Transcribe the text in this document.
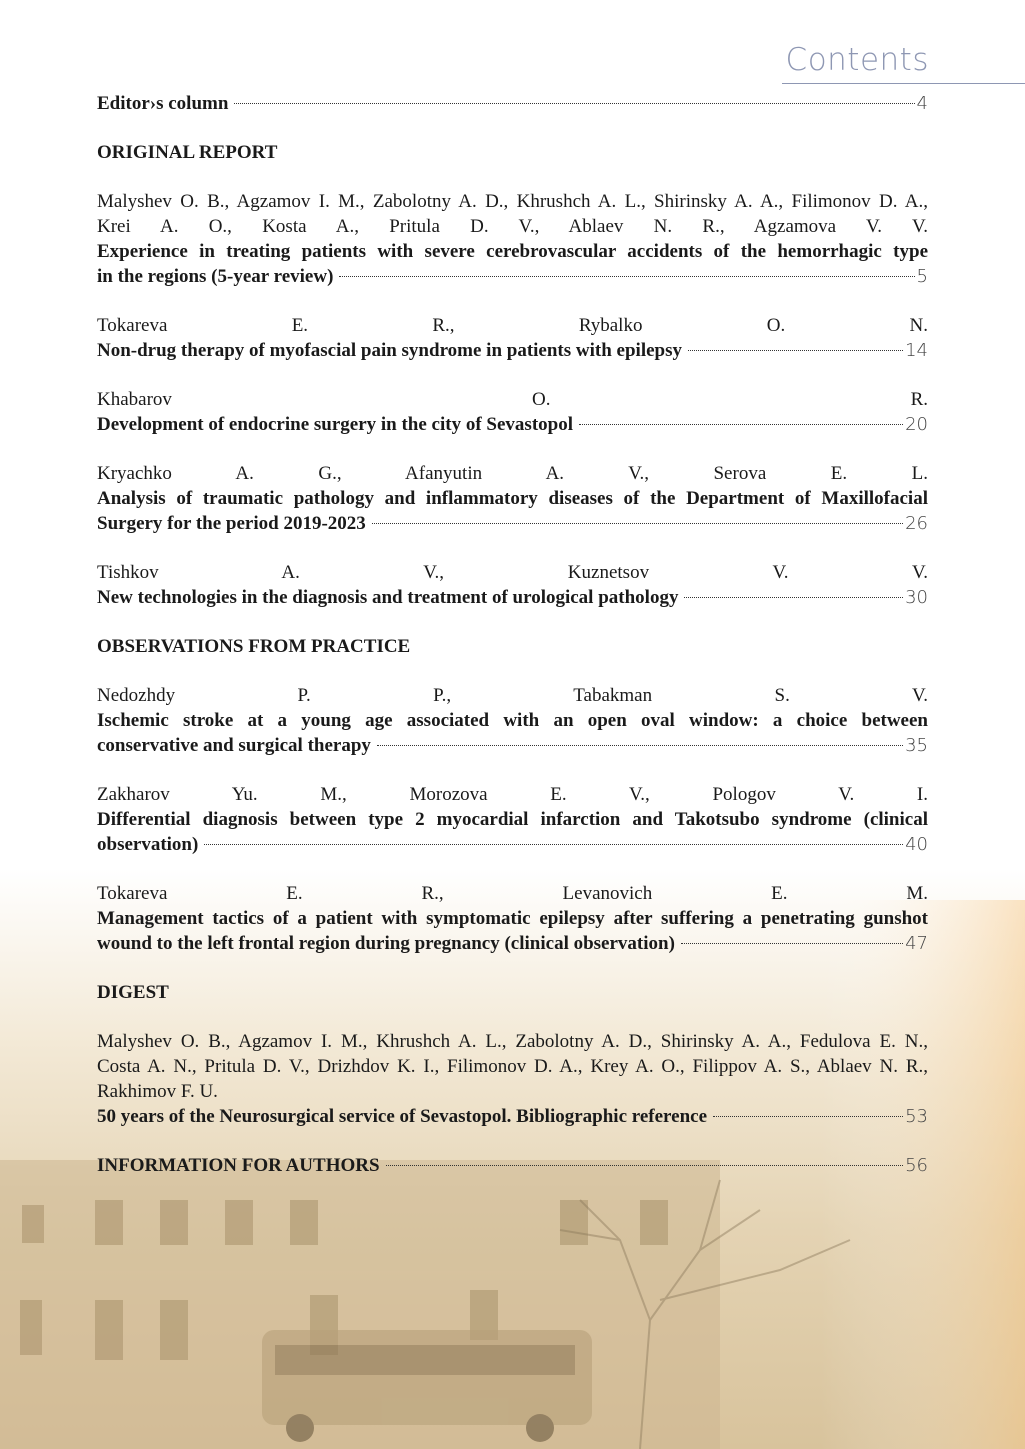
Contents
Editor›s column	4
ORIGINAL REPORT
Malyshev O. B., Agzamov I. M., Zabolotny A. D., Khrushch A. L., Shirinsky A. A., Filimonov D. A.,
Krei A. O., Kosta A., Pritula D. V., Ablaev N. R., Agzamova V. V.
Experience in treating patients with severe cerebrovascular accidents of the hemorrhagic type
in the regions (5-year review)	5
Tokareva E. R., Rybalko O. N.
Non-drug therapy of myofascial pain syndrome in patients with epilepsy	14
Khabarov O. R.
Development of endocrine surgery in the city of Sevastopol	20
Kryachko A. G., Afanyutin A. V., Serova E. L.
Analysis of traumatic pathology and inflammatory diseases of the Department of Maxillofacial
Surgery for the period 2019-2023	26
Tishkov A. V., Kuznetsov V. V.
New technologies in the diagnosis and treatment of urological pathology	30
OBSERVATIONS FROM PRACTICE
Nedozhdy P. P., Tabakman S. V.
Ischemic stroke at a young age associated with an open oval window: a choice between
conservative and surgical therapy	35
Zakharov Yu. M., Morozova E. V., Pologov V. I.
Differential diagnosis between type 2 myocardial infarction and Takotsubo syndrome (clinical
observation)	40
Tokareva E. R., Levanovich E. M.
Management tactics of a patient with symptomatic epilepsy after suffering a penetrating gunshot
wound to the left frontal region during pregnancy (clinical observation)	47
DIGEST
Malyshev O. B., Agzamov I. M., Khrushch A. L., Zabolotny A. D., Shirinsky A. A., Fedulova E. N.,
Costa A. N., Pritula D. V., Drizhdov K. I., Filimonov D. A., Krey A. O., Filippov A. S., Ablaev N. R.,
Rakhimov F. U.
50 years of the Neurosurgical service of Sevastopol. Bibliographic reference	53
INFORMATION FOR AUTHORS	56
